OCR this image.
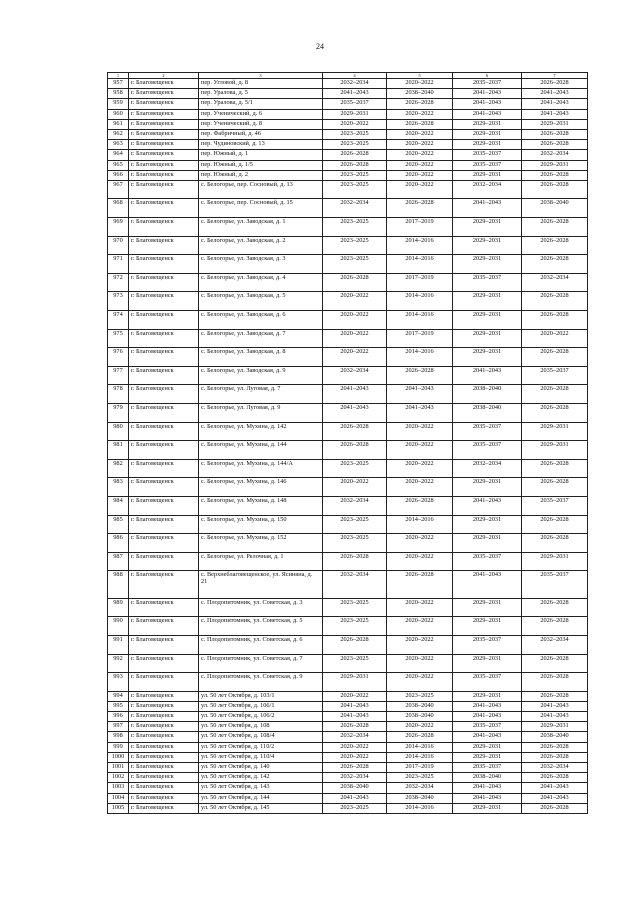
24
1	2	3	4	5	6	7
957	г. Благовещенск	пер. Угловой, д. 8	2032–2034	2020–2022	2035–2037	2026–2028
958	г. Благовещенск	пер. Уралова, д. 5	2041–2043	2038–2040	2041–2043	2041–2043
959	г. Благовещенск	пер. Уралова, д. 5/1	2035–2037	2026–2028	2041–2043	2041–2043
960	г. Благовещенск	пер. Ученический, д. 6	2029–2031	2020–2022	2041–2043	2041–2043
961	г. Благовещенск	пер. Ученический, д. 8	2020–2022	2026–2028	2029–2031	2029–2031
962	г. Благовещенск	пер. Фабричный, д. 46	2023–2025	2020–2022	2029–2031	2026–2028
963	г. Благовещенск	пер. Чудиновский, д. 13	2023–2025	2020–2022	2029–2031	2026–2028
964	г. Благовещенск	пер. Южный, д. 1	2026–2028	2020–2022	2035–2037	2032–2034
965	г. Благовещенск	пер. Южный, д. 1/5	2026–2028	2020–2022	2035–2037	2029–2031
966	г. Благовещенск	пер. Южный, д. 2	2023–2025	2020–2022	2029–2031	2026–2028
967	г. Благовещенск	с. Белогорье, пер. Сосновый, д. 13	2023–2025	2020–2022	2032–2034	2026–2028
968	г. Благовещенск	с. Белогорье, пер. Сосновый, д. 15	2032–2034	2026–2028	2041–2043	2038–2040
969	г. Благовещенск	с. Белогорье, ул. Заводская, д. 1	2023–2025	2017–2019	2029–2031	2026–2028
970	г. Благовещенск	с. Белогорье, ул. Заводская, д. 2	2023–2025	2014–2016	2029–2031	2026–2028
971	г. Благовещенск	с. Белогорье, ул. Заводская, д. 3	2023–2025	2014–2016	2029–2031	2026–2028
972	г. Благовещенск	с. Белогорье, ул. Заводская, д. 4	2026–2028	2017–2019	2035–2037	2032–2034
973	г. Благовещенск	с. Белогорье, ул. Заводская, д. 5	2020–2022	2014–2016	2029–2031	2026–2028
974	г. Благовещенск	с. Белогорье, ул. Заводская, д. 6	2020–2022	2014–2016	2029–2031	2026–2028
975	г. Благовещенск	с. Белогорье, ул. Заводская, д. 7	2020–2022	2017–2019	2029–2031	2020–2022
976	г. Благовещенск	с. Белогорье, ул. Заводская, д. 8	2020–2022	2014–2016	2029–2031	2026–2028
977	г. Благовещенск	с. Белогорье, ул. Заводская, д. 9	2032–2034	2026–2028	2041–2043	2035–2037
978	г. Благовещенск	с. Белогорье, ул. Луговая, д. 7	2041–2043	2041–2043	2038–2040	2026–2028
979	г. Благовещенск	с. Белогорье, ул. Луговая, д. 9	2041–2043	2041–2043	2038–2040	2026–2028
980	г. Благовещенск	с. Белогорье, ул. Мухина, д. 142	2026–2028	2020–2022	2035–2037	2029–2031
981	г. Благовещенск	с. Белогорье, ул. Мухина, д. 144	2026–2028	2020–2022	2035–2037	2029–2031
982	г. Благовещенск	с. Белогорье, ул. Мухина, д. 144/А	2023–2025	2020–2022	2032–2034	2026–2028
983	г. Благовещенск	с. Белогорье, ул. Мухина, д. 146	2020–2022	2020–2022	2029–2031	2026–2028
984	г. Благовещенск	с. Белогорье, ул. Мухина, д. 148	2032–2034	2026–2028	2041–2043	2035–2037
985	г. Благовещенск	с. Белогорье, ул. Мухина, д. 150	2023–2025	2014–2016	2029–2031	2026–2028
986	г. Благовещенск	с. Белогорье, ул. Мухина, д. 152	2023–2025	2020–2022	2029–2031	2026–2028
987	г. Благовещенск	с. Белогорье, ул. Релочная, д. 1	2026–2028	2020–2022	2035–2037	2029–2031
988	г. Благовещенск	с. Верхнеблаговещенское, ул. Ясиняна, д. 21	2032–2034	2026–2028	2041–2043	2035–2037
989	г. Благовещенск	с. Плодопитомник, ул. Советская, д. 3	2023–2025	2020–2022	2029–2031	2026–2028
990	г. Благовещенск	с. Плодопитомник, ул. Советская, д. 5	2023–2025	2020–2022	2029–2031	2026–2028
991	г. Благовещенск	с. Плодопитомник, ул. Советская, д. 6	2026–2028	2020–2022	2035–2037	2032–2034
992	г. Благовещенск	с. Плодопитомник, ул. Советская, д. 7	2023–2025	2020–2022	2029–2031	2026–2028
993	г. Благовещенск	с. Плодопитомник, ул. Советская, д. 9	2029–2031	2020–2022	2035–2037	2026–2028
994	г. Благовещенск	ул. 50 лет Октября, д. 103/1	2020–2022	2023–2025	2029–2031	2026–2028
995	г. Благовещенск	ул. 50 лет Октября, д. 106/1	2041–2043	2038–2040	2041–2043	2041–2043
996	г. Благовещенск	ул. 50 лет Октября, д. 106/2	2041–2043	2038–2040	2041–2043	2041–2043
997	г. Благовещенск	ул. 50 лет Октября, д. 108	2026–2028	2020–2022	2035–2037	2029–2031
998	г. Благовещенск	ул. 50 лет Октября, д. 108/4	2032–2034	2026–2028	2041–2043	2038–2040
999	г. Благовещенск	ул. 50 лет Октября, д. 110/2	2020–2022	2014–2016	2029–2031	2026–2028
1000	г. Благовещенск	ул. 50 лет Октября, д. 110/4	2020–2022	2014–2016	2029–2031	2026–2028
1001	г. Благовещенск	ул. 50 лет Октября, д. 140	2026–2028	2017–2019	2035–2037	2032–2034
1002	г. Благовещенск	ул. 50 лет Октября, д. 142	2032–2034	2023–2025	2038–2040	2026–2028
1003	г. Благовещенск	ул. 50 лет Октября, д. 143	2038–2040	2032–2034	2041–2043	2041–2043
1004	г. Благовещенск	ул. 50 лет Октября, д. 144	2041–2043	2038–2040	2041–2043	2041–2043
1005	г. Благовещенск	ул. 50 лет Октября, д. 145	2023–2025	2014–2016	2029–2031	2026–2028
